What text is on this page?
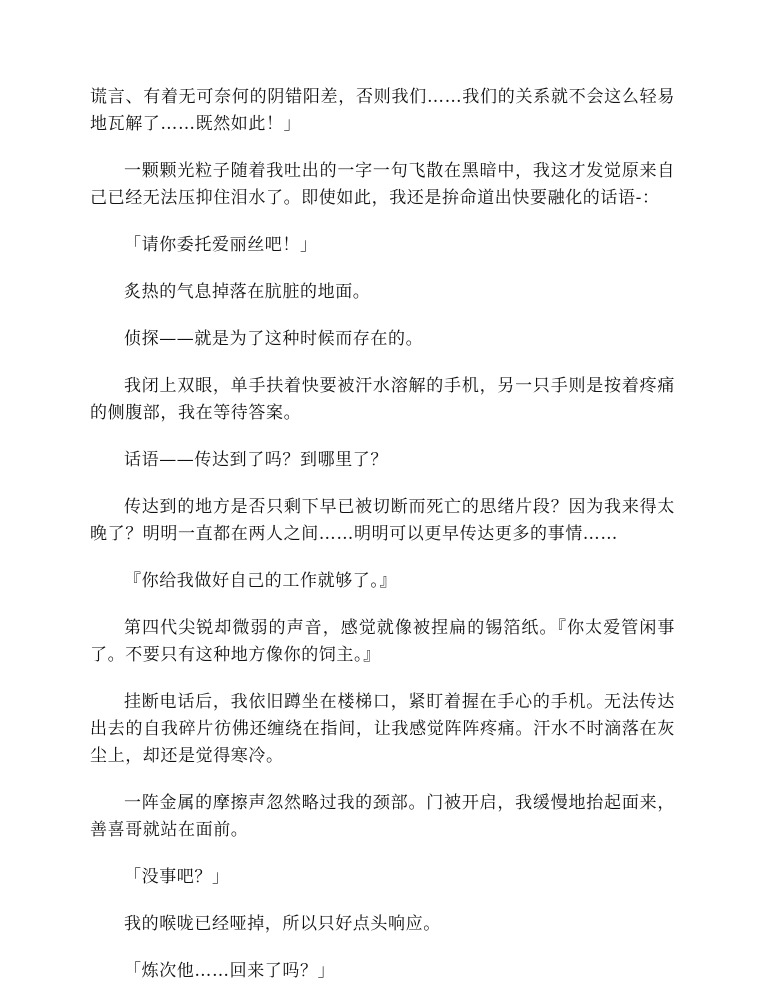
谎言、有着无可奈何的阴错阳差，否则我们……我们的关系就不会这么轻易地瓦解了……既然如此！」

一颗颗光粒子随着我吐出的一字一句飞散在黑暗中，我这才发觉原来自己已经无法压抑住泪水了。即使如此，我还是拚命道出快要融化的话语-：

「请你委托爱丽丝吧！」

炙热的气息掉落在肮脏的地面。

侦探——就是为了这种时候而存在的。

我闭上双眼，单手扶着快要被汗水溶解的手机，另一只手则是按着疼痛的侧腹部，我在等待答案。

话语——传达到了吗？到哪里了？

传达到的地方是否只剩下早已被切断而死亡的思绪片段？因为我来得太晚了？明明一直都在两人之间……明明可以更早传达更多的事情……

『你给我做好自己的工作就够了。』

第四代尖锐却微弱的声音，感觉就像被捏扁的锡箔纸。『你太爱管闲事了。不要只有这种地方像你的饲主。』

挂断电话后，我依旧蹲坐在楼梯口，紧盯着握在手心的手机。无法传达出去的自我碎片彷佛还缠绕在指间，让我感觉阵阵疼痛。汗水不时滴落在灰尘上，却还是觉得寒冷。

一阵金属的摩擦声忽然略过我的颈部。门被开启，我缓慢地抬起面来，善喜哥就站在面前。

「没事吧？」

我的喉咙已经哑掉，所以只好点头响应。

「炼次他……回来了吗？」
